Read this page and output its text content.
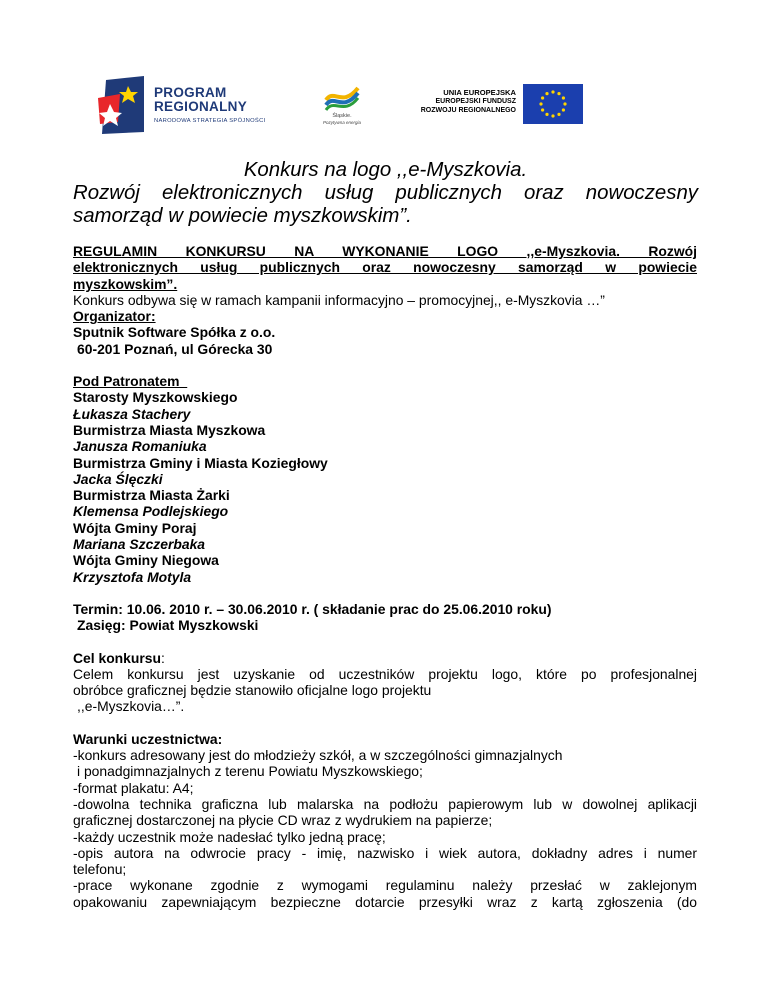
PROGRAM
REGIONALNY
NARODOWA STRATEGIA SPÓJNOŚCI
Śląskie.
Pozytywna energia
UNIA EUROPEJSKA
EUROPEJSKI FUNDUSZ
ROZWOJU REGIONALNEGO
Konkurs na logo ,,e-Myszkovia.
Rozwój elektronicznych usług publicznych oraz nowoczesny
samorząd w powiecie myszkowskim”.
REGULAMIN KONKURSU NA WYKONANIE LOGO ,,e-Myszkovia. Rozwój
elektronicznych usług publicznych oraz nowoczesny samorząd w powiecie
myszkowskim”.
Konkurs odbywa się w ramach kampanii informacyjno – promocyjnej,, e-Myszkovia …”
Organizator:
Sputnik Software Spółka z o.o.
60-201 Poznań, ul Górecka 30
Pod Patronatem
Starosty Myszkowskiego
Łukasza Stachery
Burmistrza Miasta Myszkowa
Janusza Romaniuka
Burmistrza Gminy i Miasta Koziegłowy
Jacka Ślęczki
Burmistrza Miasta Żarki
Klemensa Podlejskiego
Wójta Gminy Poraj
Mariana Szczerbaka
Wójta Gminy Niegowa
Krzysztofa Motyla
Termin: 10.06. 2010 r. – 30.06.2010 r. ( składanie prac do 25.06.2010 roku)
Zasięg: Powiat Myszkowski
Cel konkursu:
Celem konkursu jest uzyskanie od uczestników projektu logo, które po profesjonalnej
obróbce graficznej będzie stanowiło oficjalne logo projektu
,,e-Myszkovia…”.
Warunki uczestnictwa:
-konkurs adresowany jest do młodzieży szkół, a w szczególności gimnazjalnych
i ponadgimnazjalnych z terenu Powiatu Myszkowskiego;
-format plakatu: A4;
-dowolna technika graficzna lub malarska na podłożu papierowym lub w dowolnej aplikacji
graficznej dostarczonej na płycie CD wraz z wydrukiem na papierze;
-każdy uczestnik może nadesłać tylko jedną pracę;
-opis autora na odwrocie pracy - imię, nazwisko i wiek autora, dokładny adres i numer
telefonu;
-prace wykonane zgodnie z wymogami regulaminu należy przesłać w zaklejonym
opakowaniu zapewniającym bezpieczne dotarcie przesyłki wraz z kartą zgłoszenia (do
